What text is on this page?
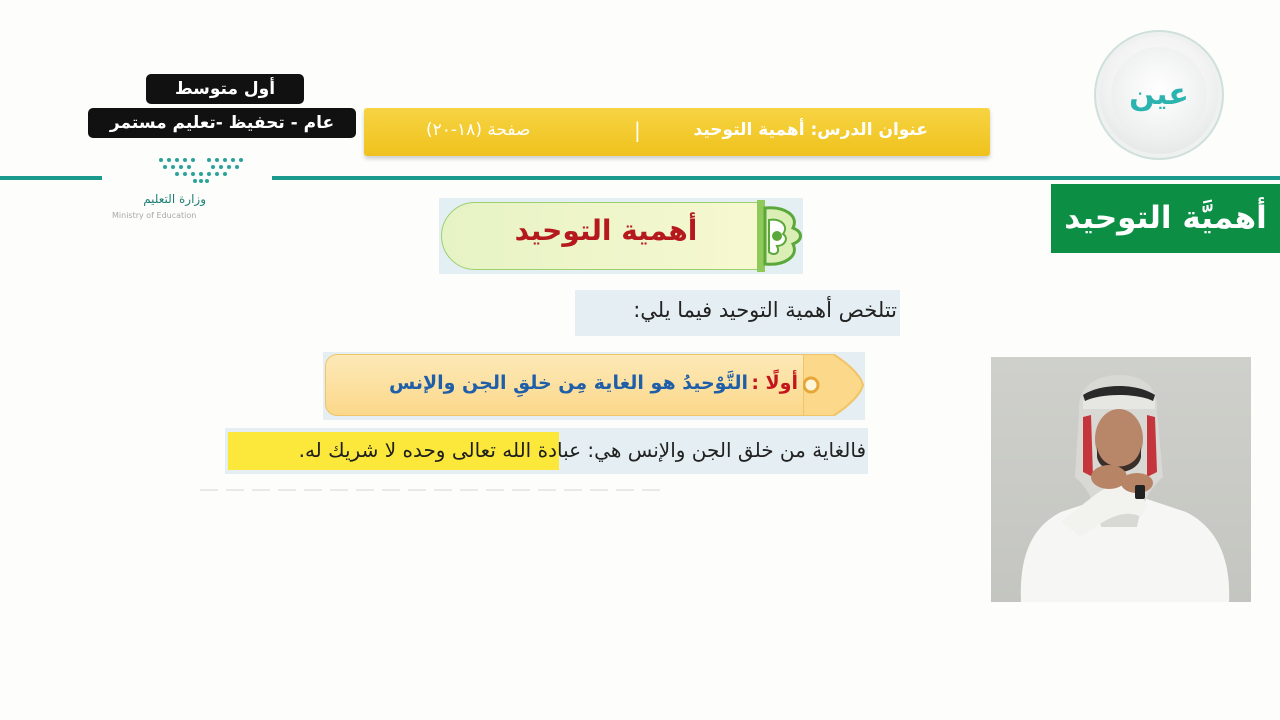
أول متوسط
عام - تحفيظ -تعليم مستمر	عنوان الدرس: أهمية التوحيد
|
صفحة (١٨-٢٠)
وزارة التعليم
Ministry of Education
عين
أهميَّة التوحيد
أهمية التوحيد
تتلخص أهمية التوحيد فيما يلي:
أولًا :
التَّوْحيدُ هو الغاية مِن خلقِ الجن والإنس
فالغاية من خلق الجن والإنس هي: عبادة الله تعالى وحده لا شريك له.
